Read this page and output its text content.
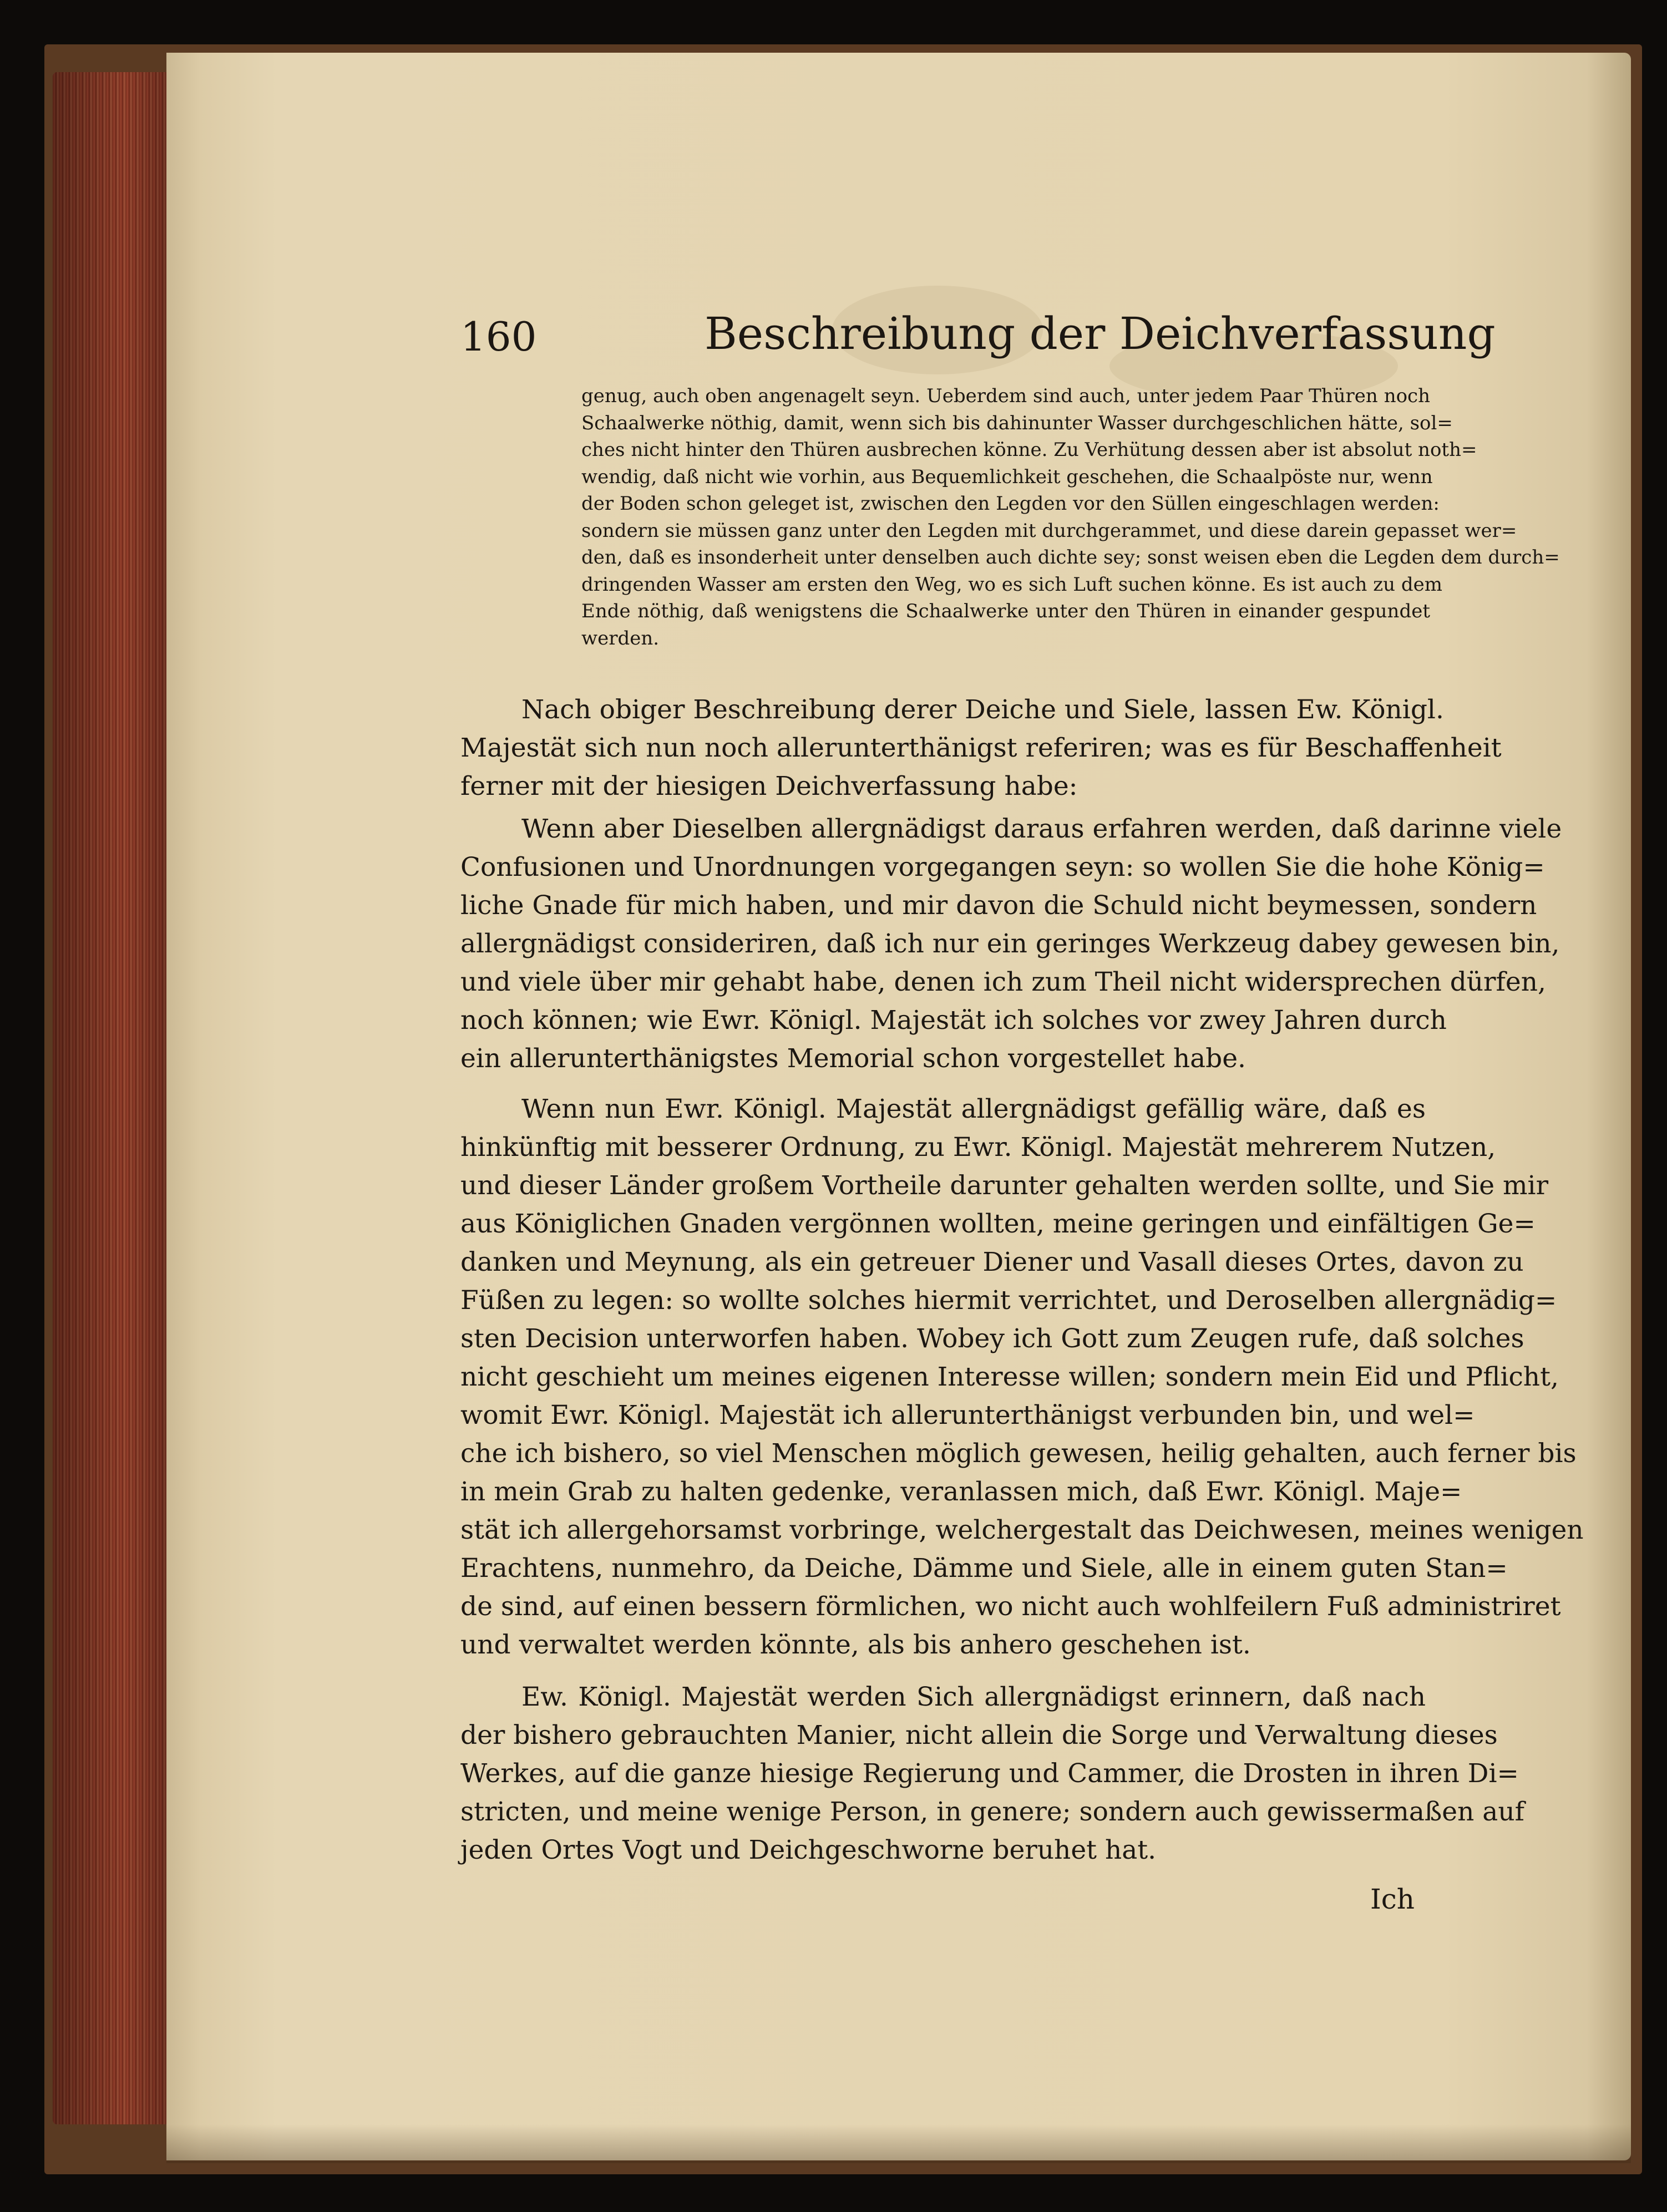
160	Beschreibung der Deichverfassung
genug, auch oben angenagelt seyn. Ueberdem sind auch, unter jedem Paar Thüren noch
Schaalwerke nöthig, damit, wenn sich bis dahinunter Wasser durchgeschlichen hätte, sol=
ches nicht hinter den Thüren ausbrechen könne. Zu Verhütung dessen aber ist absolut noth=
wendig, daß nicht wie vorhin, aus Bequemlichkeit geschehen, die Schaalpöste nur, wenn
der Boden schon geleget ist, zwischen den Legden vor den Süllen eingeschlagen werden:
sondern sie müssen ganz unter den Legden mit durchgerammet, und diese darein gepasset wer=
den, daß es insonderheit unter denselben auch dichte sey; sonst weisen eben die Legden dem durch=
dringenden Wasser am ersten den Weg, wo es sich Luft suchen könne. Es ist auch zu dem
Ende nöthig, daß wenigstens die Schaalwerke unter den Thüren in einander gespundet
werden.
Nach obiger Beschreibung derer Deiche und Siele, lassen Ew. Königl.
Majestät sich nun noch allerunterthänigst referiren; was es für Beschaffenheit
ferner mit der hiesigen Deichverfassung habe:
Wenn aber Dieselben allergnädigst daraus erfahren werden, daß darinne viele
Confusionen und Unordnungen vorgegangen seyn: so wollen Sie die hohe König=
liche Gnade für mich haben, und mir davon die Schuld nicht beymessen, sondern
allergnädigst considеriren, daß ich nur ein geringes Werkzeug dabey gewesen bin,
und viele über mir gehabt habe, denen ich zum Theil nicht widersprechen dürfen,
noch können; wie Ewr. Königl. Majestät ich solches vor zwey Jahren durch
ein allerunterthänigstes Memorial schon vorgestellet habe.
Wenn nun Ewr. Königl. Majestät allergnädigst gefällig wäre, daß es
hinkünftig mit besserer Ordnung, zu Ewr. Königl. Majestät mehrerem Nutzen,
und dieser Länder großem Vortheile darunter gehalten werden sollte, und Sie mir
aus Königlichen Gnaden vergönnen wollten, meine geringen und einfältigen Ge=
danken und Meynung, als ein getreuer Diener und Vasall dieses Ortes, davon zu
Füßen zu legen: so wollte solches hiermit verrichtet, und Deroselben allergnädig=
sten Decision unterworfen haben. Wobey ich Gott zum Zeugen rufe, daß solches
nicht geschieht um meines eigenen Interesse willen; sondern mein Eid und Pflicht,
womit Ewr. Königl. Majestät ich allerunterthänigst verbunden bin, und wel=
che ich bishero, so viel Menschen möglich gewesen, heilig gehalten, auch ferner bis
in mein Grab zu halten gedenke, veranlassen mich, daß Ewr. Königl. Maje=
stät ich allergehorsamst vorbringe, welchergestalt das Deichwesen, meines wenigen
Erachtens, nunmehro, da Deiche, Dämme und Siele, alle in einem guten Stan=
de sind, auf einen bessern förmlichen, wo nicht auch wohlfeilern Fuß administriret
und verwaltet werden könnte, als bis anhero geschehen ist.
Ew. Königl. Majestät werden Sich allergnädigst erinnern, daß nach
der bishero gebrauchten Manier, nicht allein die Sorge und Verwaltung dieses
Werkes, auf die ganze hiesige Regierung und Cammer, die Drosten in ihren Di=
stricten, und meine wenige Person, in genere; sondern auch gewissermaßen auf
jeden Ortes Vogt und Deichgeschworne beruhet hat.
Ich
